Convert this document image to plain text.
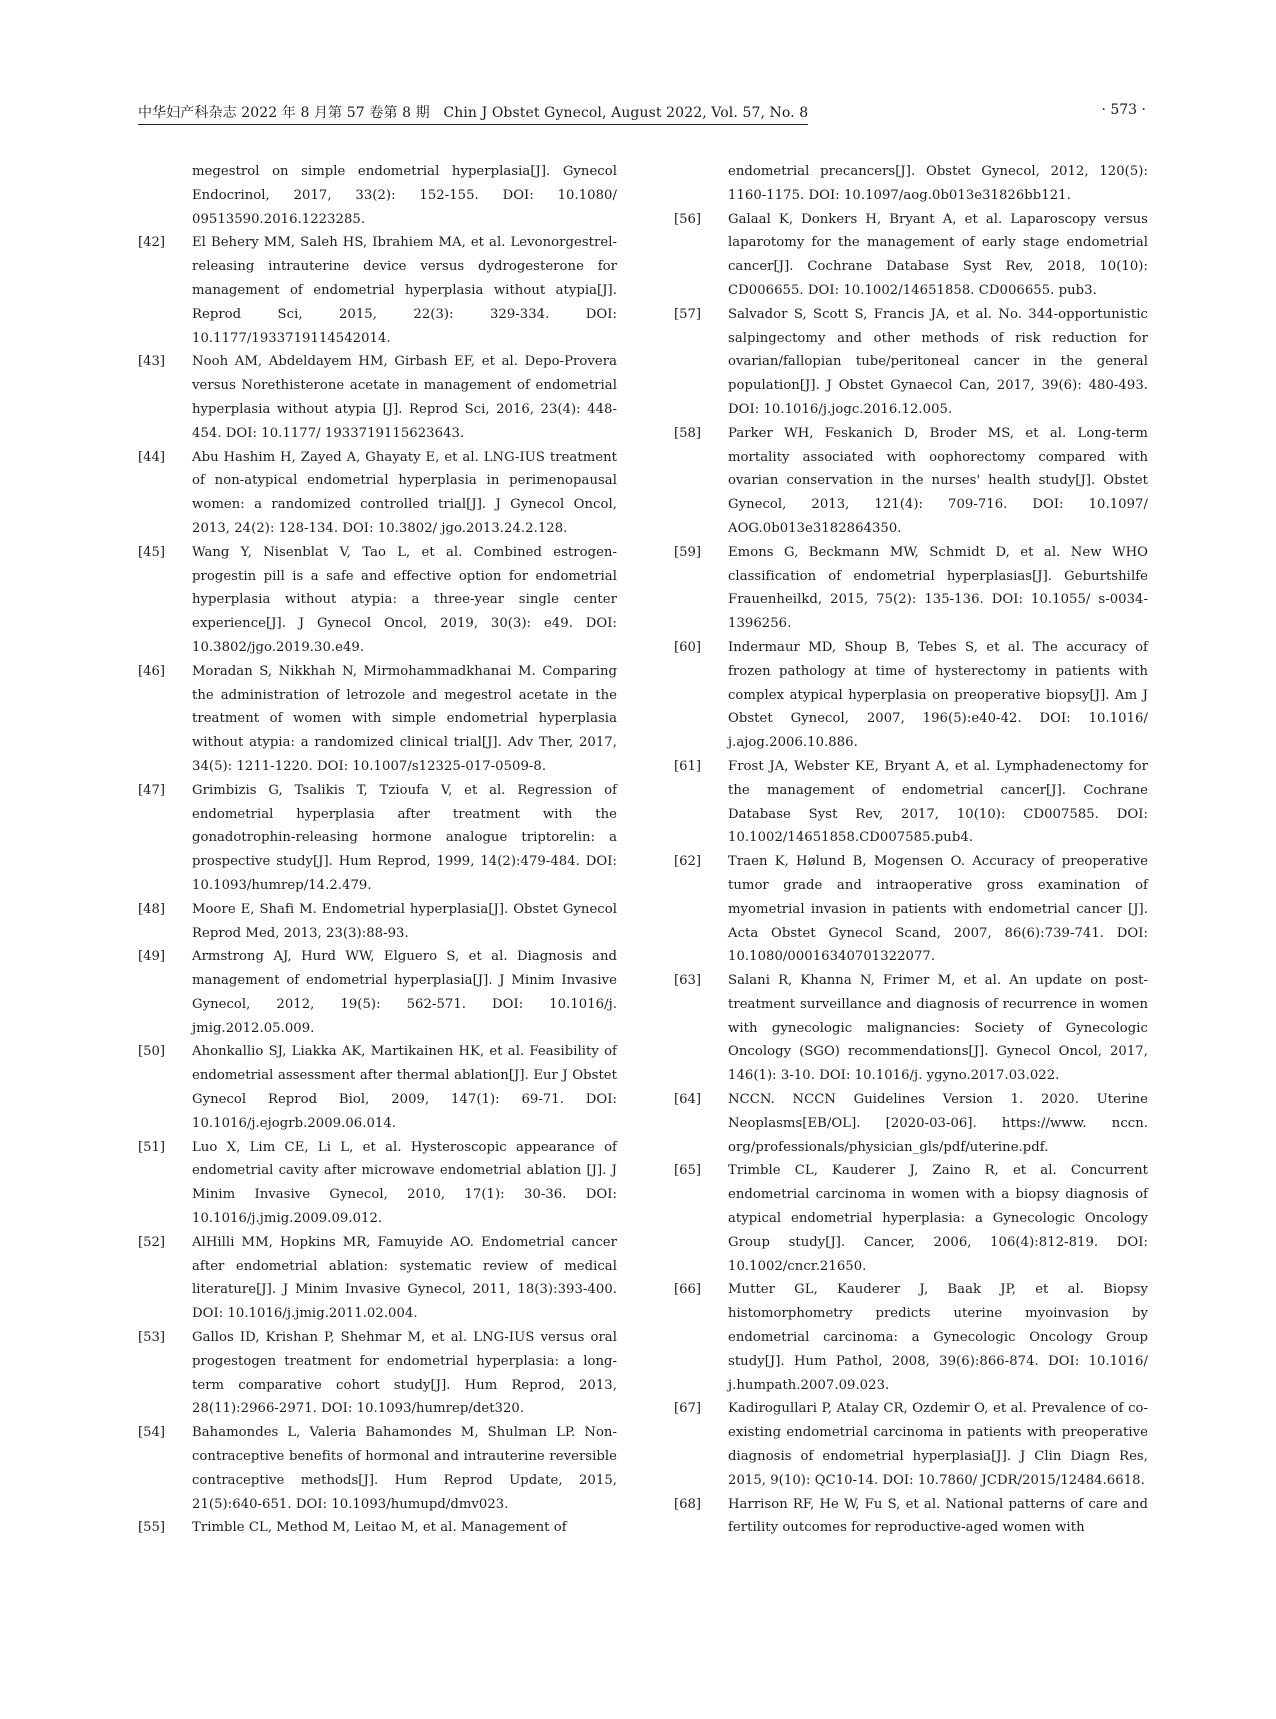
中华妇产科杂志 2022 年 8 月第 57 卷第 8 期 Chin J Obstet Gynecol, August 2022, Vol. 57, No. 8	· 573 ·
megestrol on simple endometrial hyperplasia[J]. Gynecol Endocrinol, 2017, 33(2): 152-155. DOI: 10.1080/ 09513590.2016.1223285.
[42]	El Behery MM, Saleh HS, Ibrahiem MA, et al. Levonorgestrel-releasing intrauterine device versus dydrogesterone for management of endometrial hyperplasia without atypia[J]. Reprod Sci, 2015, 22(3): 329-334. DOI: 10.1177/1933719114542014.
[43]	Nooh AM, Abdeldayem HM, Girbash EF, et al. Depo-Provera versus Norethisterone acetate in management of endometrial hyperplasia without atypia [J]. Reprod Sci, 2016, 23(4): 448-454. DOI: 10.1177/ 1933719115623643.
[44]	Abu Hashim H, Zayed A, Ghayaty E, et al. LNG-IUS treatment of non-atypical endometrial hyperplasia in perimenopausal women: a randomized controlled trial[J]. J Gynecol Oncol, 2013, 24(2): 128-134. DOI: 10.3802/ jgo.2013.24.2.128.
[45]	Wang Y, Nisenblat V, Tao L, et al. Combined estrogen-progestin pill is a safe and effective option for endometrial hyperplasia without atypia: a three-year single center experience[J]. J Gynecol Oncol, 2019, 30(3): e49. DOI: 10.3802/jgo.2019.30.e49.
[46]	Moradan S, Nikkhah N, Mirmohammadkhanai M. Comparing the administration of letrozole and megestrol acetate in the treatment of women with simple endometrial hyperplasia without atypia: a randomized clinical trial[J]. Adv Ther, 2017, 34(5): 1211-1220. DOI: 10.1007/s12325-017-0509-8.
[47]	Grimbizis G, Tsalikis T, Tzioufa V, et al. Regression of endometrial hyperplasia after treatment with the gonadotrophin-releasing hormone analogue triptorelin: a prospective study[J]. Hum Reprod, 1999, 14(2):479-484. DOI: 10.1093/humrep/14.2.479.
[48]	Moore E, Shafi M. Endometrial hyperplasia[J]. Obstet Gynecol Reprod Med, 2013, 23(3):88-93.
[49]	Armstrong AJ, Hurd WW, Elguero S, et al. Diagnosis and management of endometrial hyperplasia[J]. J Minim Invasive Gynecol, 2012, 19(5): 562-571. DOI: 10.1016/j. jmig.2012.05.009.
[50]	Ahonkallio SJ, Liakka AK, Martikainen HK, et al. Feasibility of endometrial assessment after thermal ablation[J]. Eur J Obstet Gynecol Reprod Biol, 2009, 147(1): 69-71. DOI: 10.1016/j.ejogrb.2009.06.014.
[51]	Luo X, Lim CE, Li L, et al. Hysteroscopic appearance of endometrial cavity after microwave endometrial ablation [J]. J Minim Invasive Gynecol, 2010, 17(1): 30-36. DOI: 10.1016/j.jmig.2009.09.012.
[52]	AlHilli MM, Hopkins MR, Famuyide AO. Endometrial cancer after endometrial ablation: systematic review of medical literature[J]. J Minim Invasive Gynecol, 2011, 18(3):393-400. DOI: 10.1016/j.jmig.2011.02.004.
[53]	Gallos ID, Krishan P, Shehmar M, et al. LNG-IUS versus oral progestogen treatment for endometrial hyperplasia: a long-term comparative cohort study[J]. Hum Reprod, 2013, 28(11):2966-2971. DOI: 10.1093/humrep/det320.
[54]	Bahamondes L, Valeria Bahamondes M, Shulman LP. Non-contraceptive benefits of hormonal and intrauterine reversible contraceptive methods[J]. Hum Reprod Update, 2015, 21(5):640-651. DOI: 10.1093/humupd/dmv023.
[55]	Trimble CL, Method M, Leitao M, et al. Management of
endometrial precancers[J]. Obstet Gynecol, 2012, 120(5): 1160-1175. DOI: 10.1097/aog.0b013e31826bb121.
[56]	Galaal K, Donkers H, Bryant A, et al. Laparoscopy versus laparotomy for the management of early stage endometrial cancer[J]. Cochrane Database Syst Rev, 2018, 10(10): CD006655. DOI: 10.1002/14651858. CD006655. pub3.
[57]	Salvador S, Scott S, Francis JA, et al. No. 344-opportunistic salpingectomy and other methods of risk reduction for ovarian/fallopian tube/peritoneal cancer in the general population[J]. J Obstet Gynaecol Can, 2017, 39(6): 480-493. DOI: 10.1016/j.jogc.2016.12.005.
[58]	Parker WH, Feskanich D, Broder MS, et al. Long-term mortality associated with oophorectomy compared with ovarian conservation in the nurses' health study[J]. Obstet Gynecol, 2013, 121(4): 709-716. DOI: 10.1097/ AOG.0b013e3182864350.
[59]	Emons G, Beckmann MW, Schmidt D, et al. New WHO classification of endometrial hyperplasias[J]. Geburtshilfe Frauenheilkd, 2015, 75(2): 135-136. DOI: 10.1055/ s-0034-1396256.
[60]	Indermaur MD, Shoup B, Tebes S, et al. The accuracy of frozen pathology at time of hysterectomy in patients with complex atypical hyperplasia on preoperative biopsy[J]. Am J Obstet Gynecol, 2007, 196(5):e40-42. DOI: 10.1016/ j.ajog.2006.10.886.
[61]	Frost JA, Webster KE, Bryant A, et al. Lymphadenectomy for the management of endometrial cancer[J]. Cochrane Database Syst Rev, 2017, 10(10): CD007585. DOI: 10.1002/14651858.CD007585.pub4.
[62]	Traen K, Hølund B, Mogensen O. Accuracy of preoperative tumor grade and intraoperative gross examination of myometrial invasion in patients with endometrial cancer [J]. Acta Obstet Gynecol Scand, 2007, 86(6):739-741. DOI: 10.1080/00016340701322077.
[63]	Salani R, Khanna N, Frimer M, et al. An update on post-treatment surveillance and diagnosis of recurrence in women with gynecologic malignancies: Society of Gynecologic Oncology (SGO) recommendations[J]. Gynecol Oncol, 2017, 146(1): 3-10. DOI: 10.1016/j. ygyno.2017.03.022.
[64]	NCCN. NCCN Guidelines Version 1. 2020. Uterine Neoplasms[EB/OL]. [2020-03-06]. https://www. nccn. org/professionals/physician_gls/pdf/uterine.pdf.
[65]	Trimble CL, Kauderer J, Zaino R, et al. Concurrent endometrial carcinoma in women with a biopsy diagnosis of atypical endometrial hyperplasia: a Gynecologic Oncology Group study[J]. Cancer, 2006, 106(4):812-819. DOI: 10.1002/cncr.21650.
[66]	Mutter GL, Kauderer J, Baak JP, et al. Biopsy histomorphometry predicts uterine myoinvasion by endometrial carcinoma: a Gynecologic Oncology Group study[J]. Hum Pathol, 2008, 39(6):866-874. DOI: 10.1016/ j.humpath.2007.09.023.
[67]	Kadirogullari P, Atalay CR, Ozdemir O, et al. Prevalence of co-existing endometrial carcinoma in patients with preoperative diagnosis of endometrial hyperplasia[J]. J Clin Diagn Res, 2015, 9(10): QC10-14. DOI: 10.7860/ JCDR/2015/12484.6618.
[68]	Harrison RF, He W, Fu S, et al. National patterns of care and fertility outcomes for reproductive-aged women with
